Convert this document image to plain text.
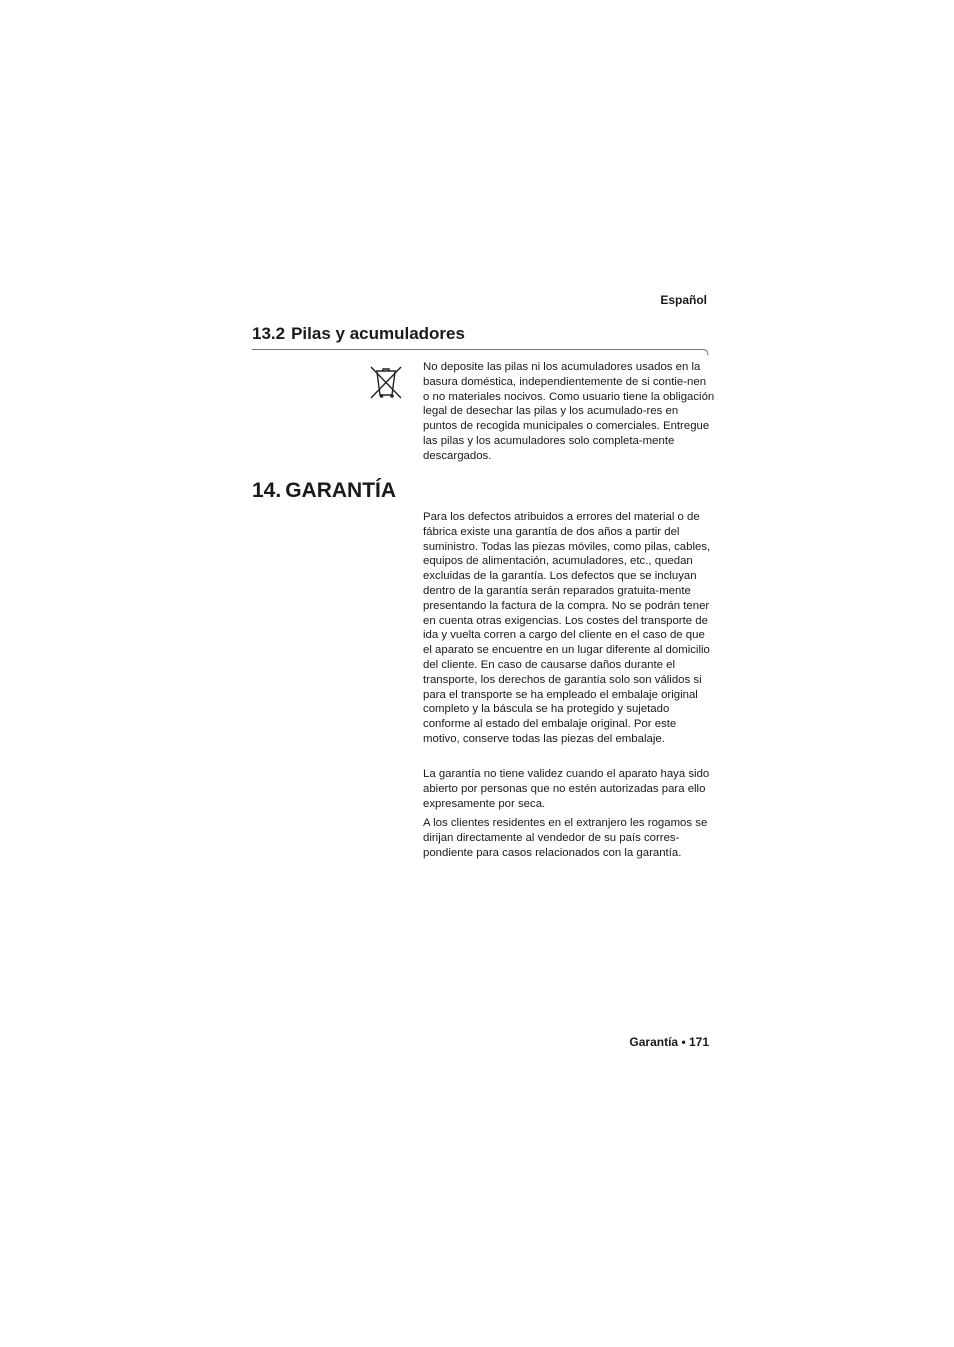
Español
13.2 Pilas y acumuladores

No deposite las pilas ni los acumuladores usados en la basura doméstica, independientemente de si contie-nen o no materiales nocivos. Como usuario tiene la obligación legal de desechar las pilas y los acumulado-res en puntos de recogida municipales o comerciales. Entregue las pilas y los acumuladores solo completa-mente descargados.

14. GARANTÍA

Para los defectos atribuidos a errores del material o de fábrica existe una garantía de dos años a partir del suministro. Todas las piezas móviles, como pilas, cables, equipos de alimentación, acumuladores, etc., quedan excluidas de la garantía. Los defectos que se incluyan dentro de la garantía serán reparados gratuita-mente presentando la factura de la compra. No se podrán tener en cuenta otras exigencias. Los costes del transporte de ida y vuelta corren a cargo del cliente en el caso de que el aparato se encuentre en un lugar diferente al domicilio del cliente. En caso de causarse daños durante el transporte, los derechos de garantía solo son válidos si para el transporte se ha empleado el embalaje original completo y la báscula se ha protegido y sujetado conforme al estado del embalaje original. Por este motivo, conserve todas las piezas del embalaje.

La garantía no tiene validez cuando el aparato haya sido abierto por personas que no estén autorizadas para ello expresamente por seca.

A los clientes residentes en el extranjero les rogamos se dirijan directamente al vendedor de su país corres-pondiente para casos relacionados con la garantía.

Garantía • 171
